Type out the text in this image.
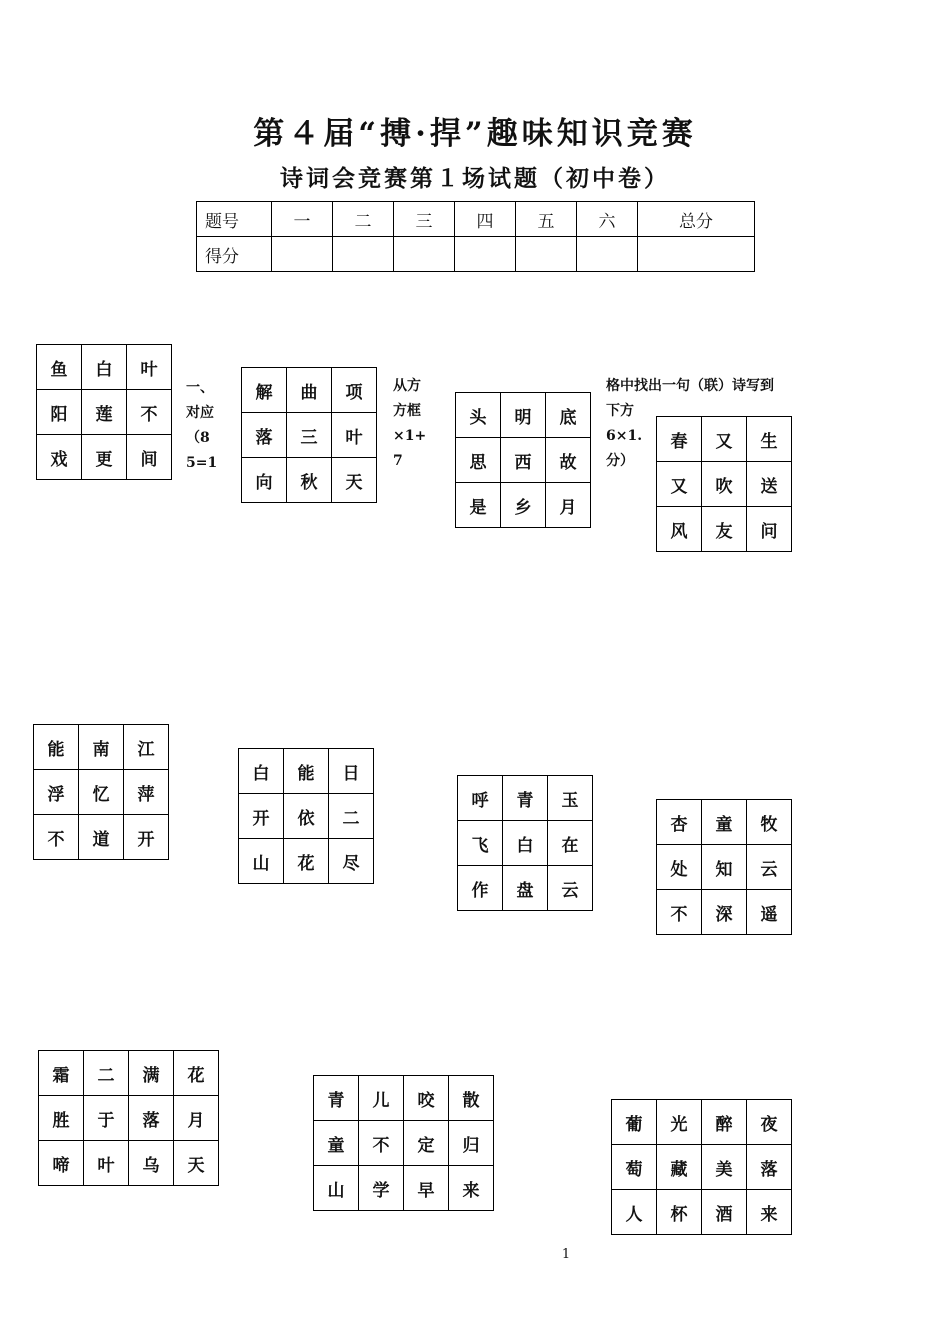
第４届“搏·捍”趣味知识竞赛
诗词会竞赛第１场试题（初中卷）
题号	一	二	三	四	五	六	总分
得分							
一、
对应
（8
5=1
从方
方框
×1+
7
格中找出一句（联）诗写到
下方
6×1.
分）
鱼	白	叶
阳	莲	不
戏	更	间
解	曲	项
落	三	叶
向	秋	天
头	明	底
思	西	故
是	乡	月
春	又	生
又	吹	送
风	友	问
能	南	江
浮	忆	萍
不	道	开
白	能	日
开	依	二
山	花	尽
呼	青	玉
飞	白	在
作	盘	云
杏	童	牧
处	知	云
不	深	遥
霜	二	满	花
胜	于	落	月
啼	叶	乌	天
青	儿	咬	散
童	不	定	归
山	学	早	来
葡	光	醉	夜
萄	藏	美	落
人	杯	酒	来
1
